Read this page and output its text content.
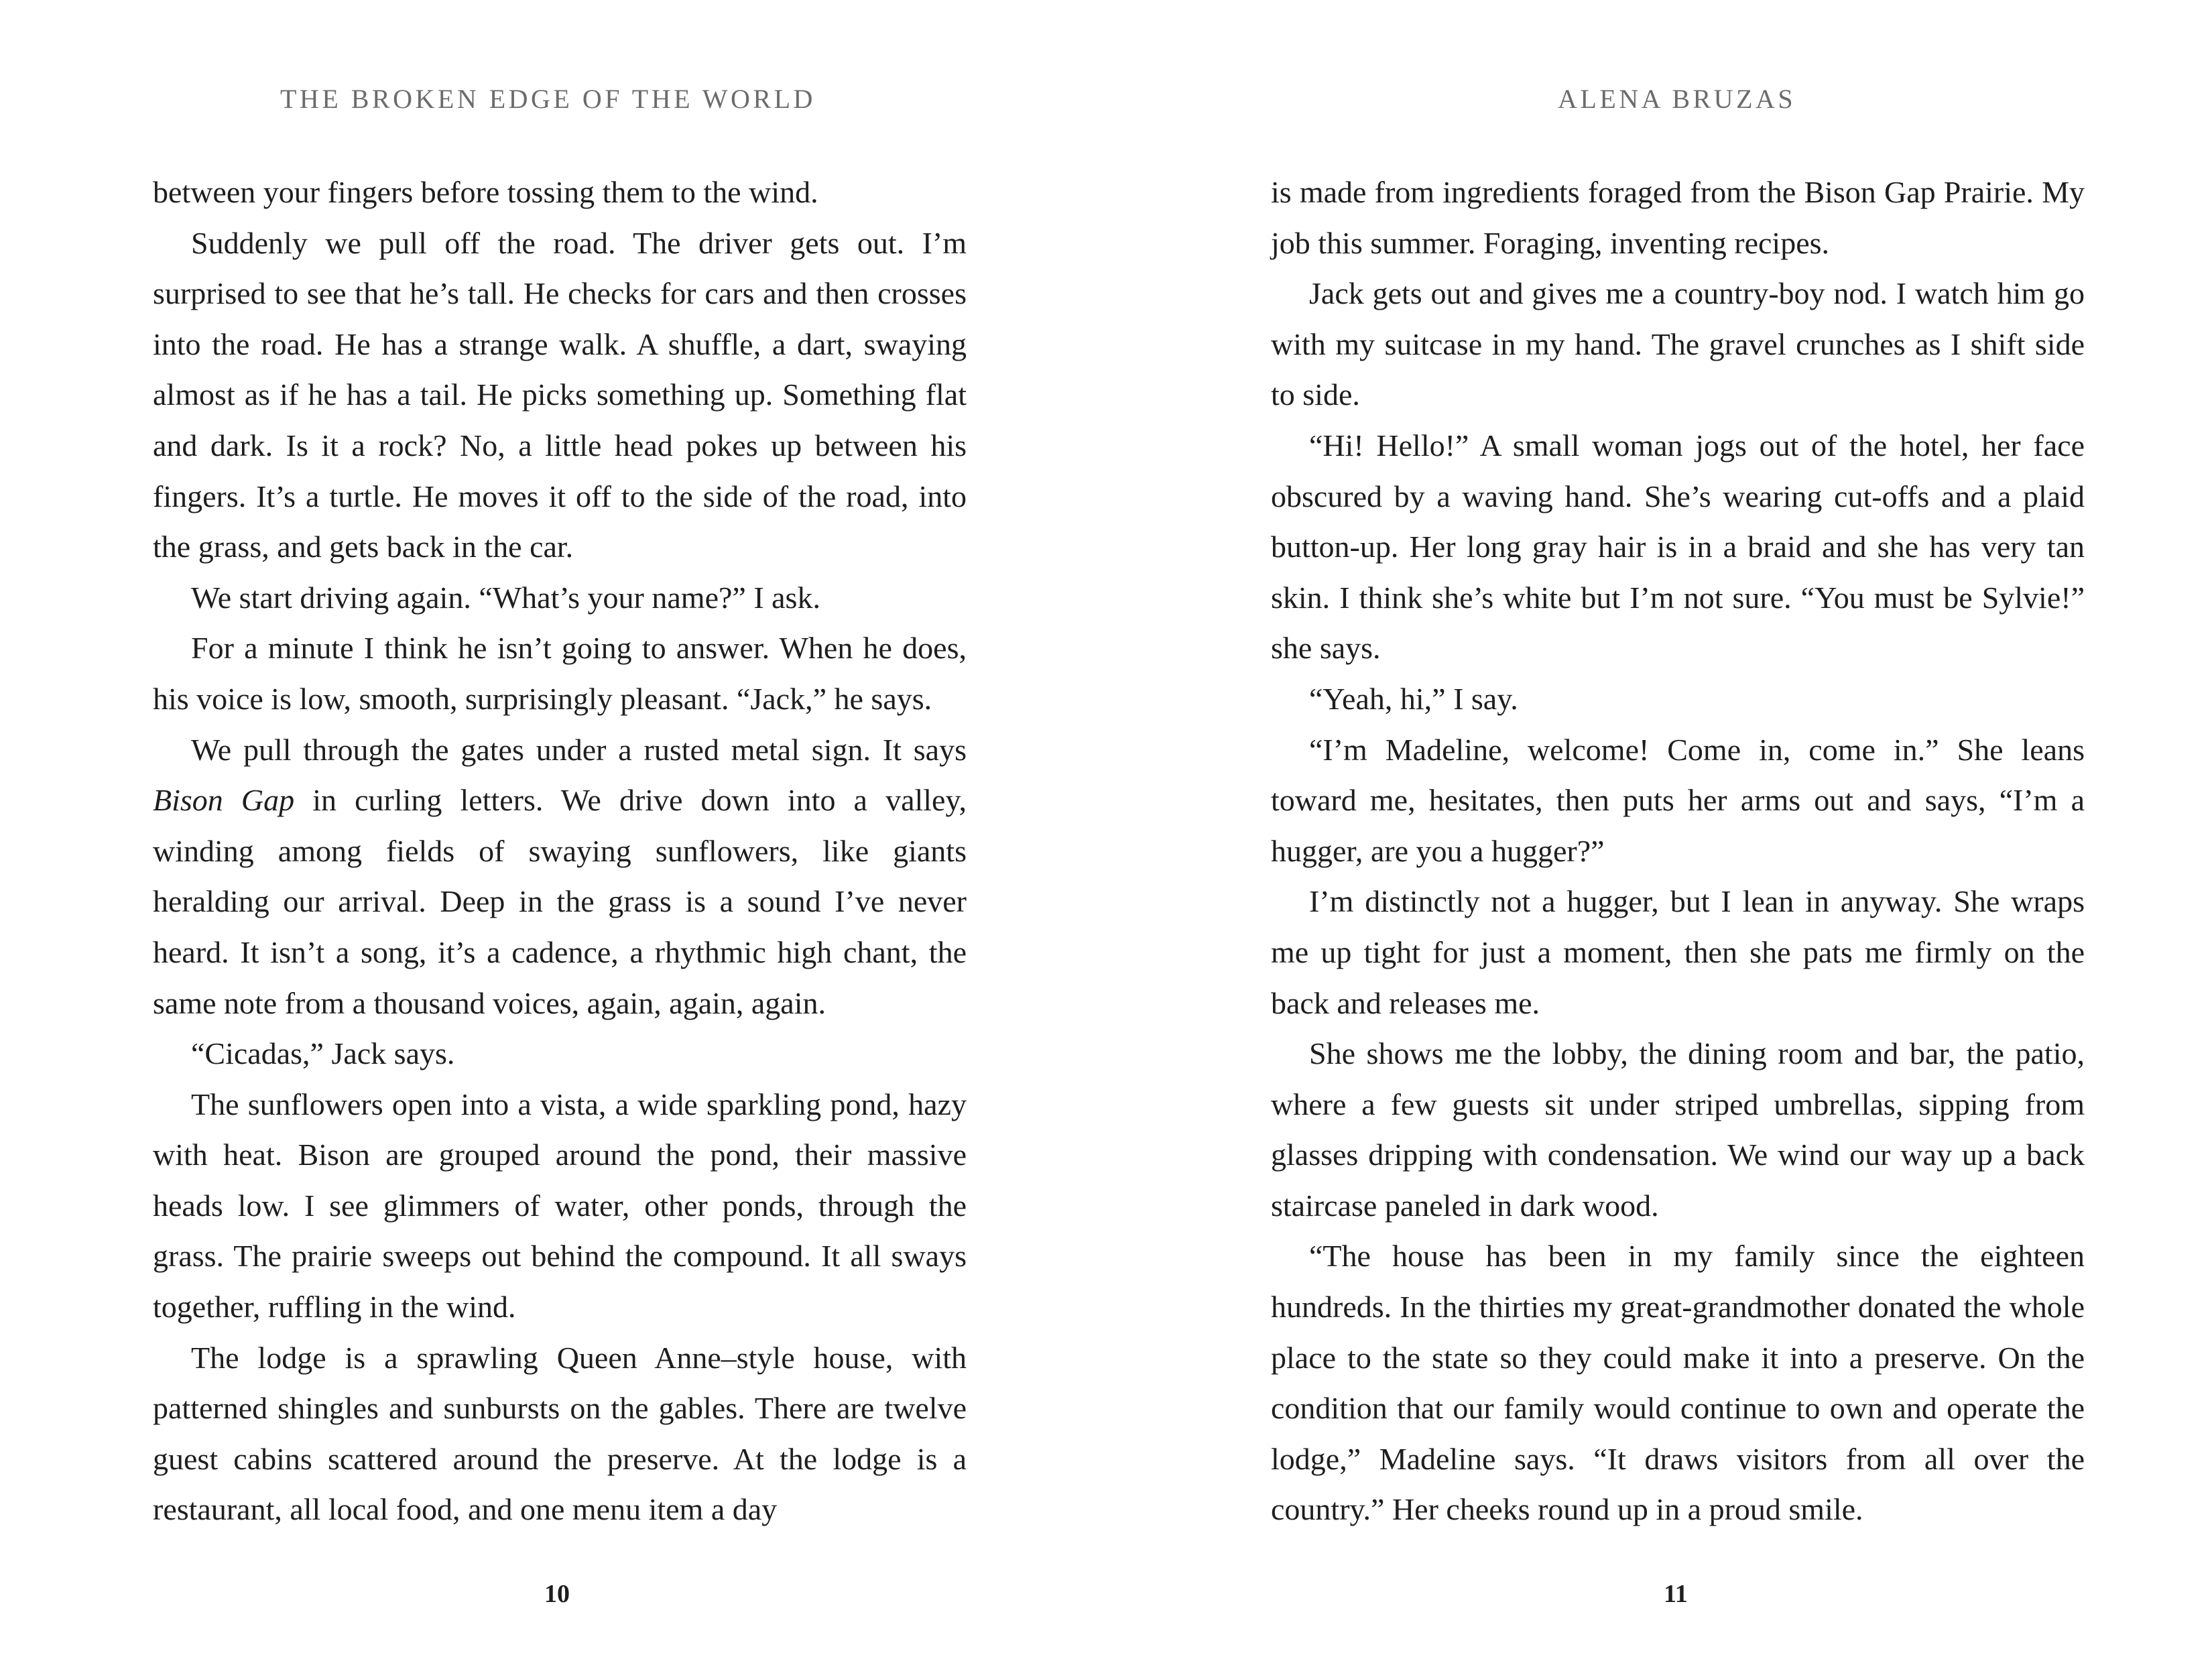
THE BROKEN EDGE OF THE WORLD

between your fingers before tossing them to the wind.

Suddenly we pull off the road. The driver gets out. I’m surprised to see that he’s tall. He checks for cars and then crosses into the road. He has a strange walk. A shuffle, a dart, swaying almost as if he has a tail. He picks something up. Something flat and dark. Is it a rock? No, a little head pokes up between his fingers. It’s a turtle. He moves it off to the side of the road, into the grass, and gets back in the car.

We start driving again. “What’s your name?” I ask.

For a minute I think he isn’t going to answer. When he does, his voice is low, smooth, surprisingly pleasant. “Jack,” he says.

We pull through the gates under a rusted metal sign. It says Bison Gap in curling letters. We drive down into a valley, winding among fields of swaying sunflowers, like giants heralding our arrival. Deep in the grass is a sound I’ve never heard. It isn’t a song, it’s a cadence, a rhythmic high chant, the same note from a thousand voices, again, again, again.

“Cicadas,” Jack says.

The sunflowers open into a vista, a wide sparkling pond, hazy with heat. Bison are grouped around the pond, their massive heads low. I see glimmers of water, other ponds, through the grass. The prairie sweeps out behind the compound. It all sways together, ruffling in the wind.

The lodge is a sprawling Queen Anne–style house, with patterned shingles and sunbursts on the gables. There are twelve guest cabins scattered around the preserve. At the lodge is a restaurant, all local food, and one menu item a day

10
ALENA BRUZAS

is made from ingredients foraged from the Bison Gap Prairie. My job this summer. Foraging, inventing recipes.

Jack gets out and gives me a country-boy nod. I watch him go with my suitcase in my hand. The gravel crunches as I shift side to side.

“Hi! Hello!” A small woman jogs out of the hotel, her face obscured by a waving hand. She’s wearing cut-offs and a plaid button-up. Her long gray hair is in a braid and she has very tan skin. I think she’s white but I’m not sure. “You must be Sylvie!” she says.

“Yeah, hi,” I say.

“I’m Madeline, welcome! Come in, come in.” She leans toward me, hesitates, then puts her arms out and says, “I’m a hugger, are you a hugger?”

I’m distinctly not a hugger, but I lean in anyway. She wraps me up tight for just a moment, then she pats me firmly on the back and releases me.

She shows me the lobby, the dining room and bar, the patio, where a few guests sit under striped umbrellas, sipping from glasses dripping with condensation. We wind our way up a back staircase paneled in dark wood.

“The house has been in my family since the eighteen hundreds. In the thirties my great-grandmother donated the whole place to the state so they could make it into a preserve. On the condition that our family would continue to own and operate the lodge,” Madeline says. “It draws visitors from all over the country.” Her cheeks round up in a proud smile.

11
